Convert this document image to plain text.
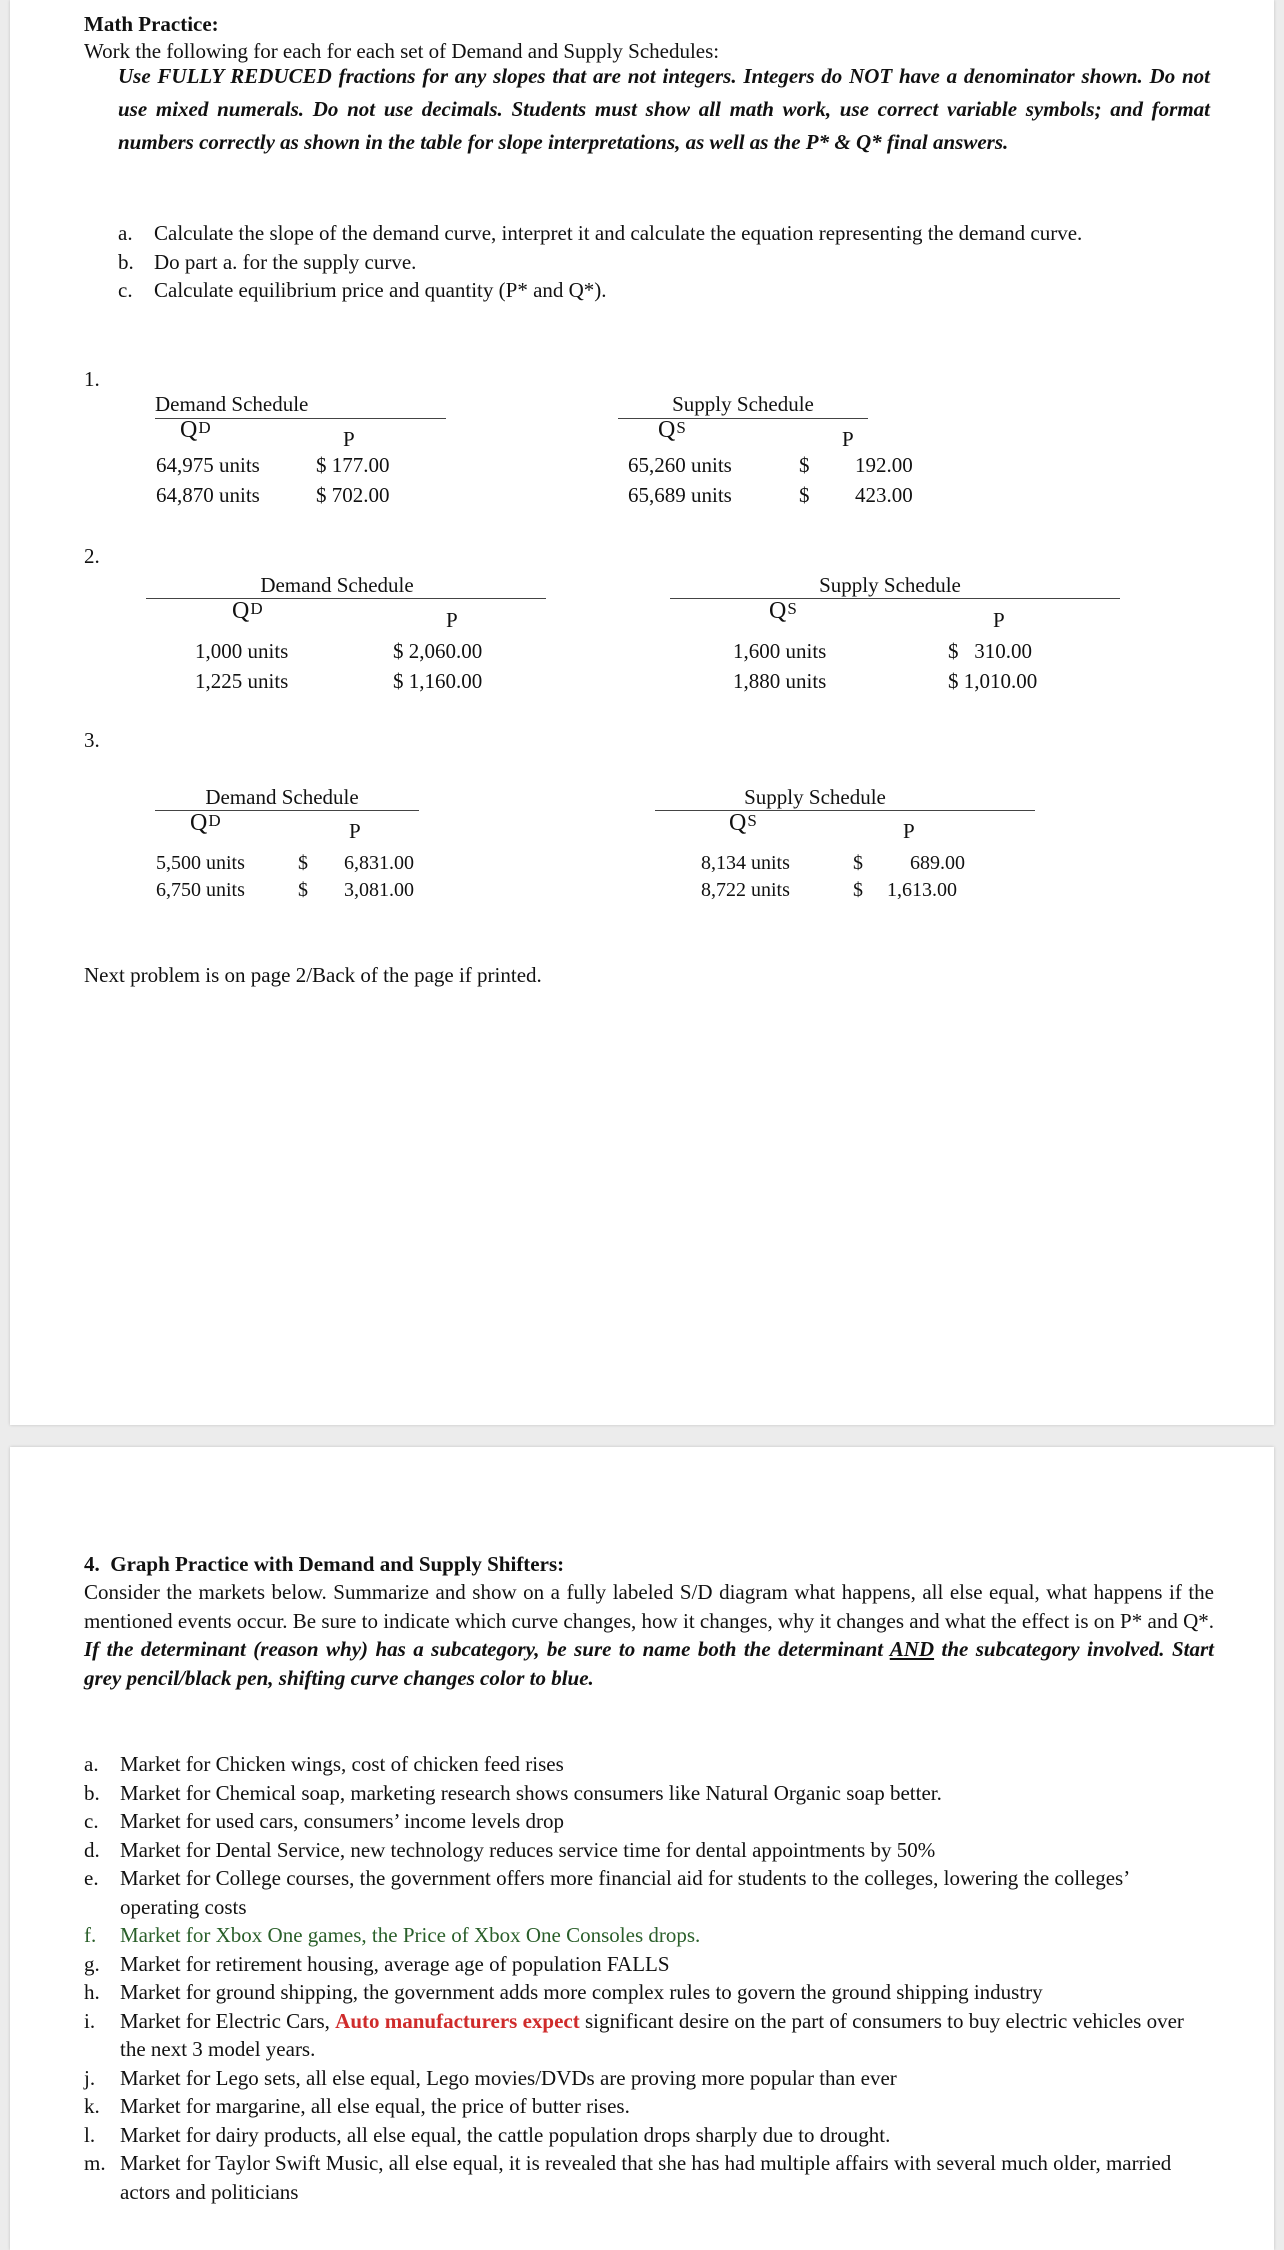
Math Practice:
Work the following for each for each set of Demand and Supply Schedules:

Use FULLY REDUCED fractions for any slopes that are not integers. Integers do NOT have a denominator shown. Do not use mixed numerals. Do not use decimals. Students must show all math work, use correct variable symbols; and format numbers correctly as shown in the table for slope interpretations, as well as the P* & Q* final answers.

a. Calculate the slope of the demand curve, interpret it and calculate the equation representing the demand curve.
b. Do part a. for the supply curve.
c. Calculate equilibrium price and quantity (P* and Q*).
1.
Demand Schedule
$Q^D$	P
64,975 units	$ 177.00
64,870 units	$ 702.00
Supply Schedule
$Q^S$	P
65,260 units	$ 192.00
65,689 units	$ 423.00
2.
Demand Schedule
$Q^D$	P
1,000 units	$ 2,060.00
1,225 units	$ 1,160.00
Supply Schedule
$Q^S$	P
1,600 units	$   310.00
1,880 units	$ 1,010.00
3.
Demand Schedule
$Q^D$	P
5,500 units	$ 6,831.00
6,750 units	$ 3,081.00
Supply Schedule
$Q^S$	P
8,134 units	$ 689.00
8,722 units	$ 1,613.00
Next problem is on page 2/Back of the page if printed.
4. Graph Practice with Demand and Supply Shifters:

Consider the markets below. Summarize and show on a fully labeled S/D diagram what happens, all else equal, what happens if the mentioned events occur. Be sure to indicate which curve changes, how it changes, why it changes and what the effect is on P* and Q*. If the determinant (reason why) has a subcategory, be sure to name both the determinant AND the subcategory involved. Start grey pencil/black pen, shifting curve changes color to blue.

a. Market for Chicken wings, cost of chicken feed rises
b. Market for Chemical soap, marketing research shows consumers like Natural Organic soap better.
c. Market for used cars, consumers’ income levels drop
d. Market for Dental Service, new technology reduces service time for dental appointments by 50%
e. Market for College courses, the government offers more financial aid for students to the colleges, lowering the colleges’ operating costs
f. Market for Xbox One games, the Price of Xbox One Consoles drops.
g. Market for retirement housing, average age of population FALLS
h. Market for ground shipping, the government adds more complex rules to govern the ground shipping industry
i. Market for Electric Cars, Auto manufacturers expect significant desire on the part of consumers to buy electric vehicles over the next 3 model years.
j. Market for Lego sets, all else equal, Lego movies/DVDs are proving more popular than ever
k. Market for margarine, all else equal, the price of butter rises.
l. Market for dairy products, all else equal, the cattle population drops sharply due to drought.
m. Market for Taylor Swift Music, all else equal, it is revealed that she has had multiple affairs with several much older, married actors and politicians
